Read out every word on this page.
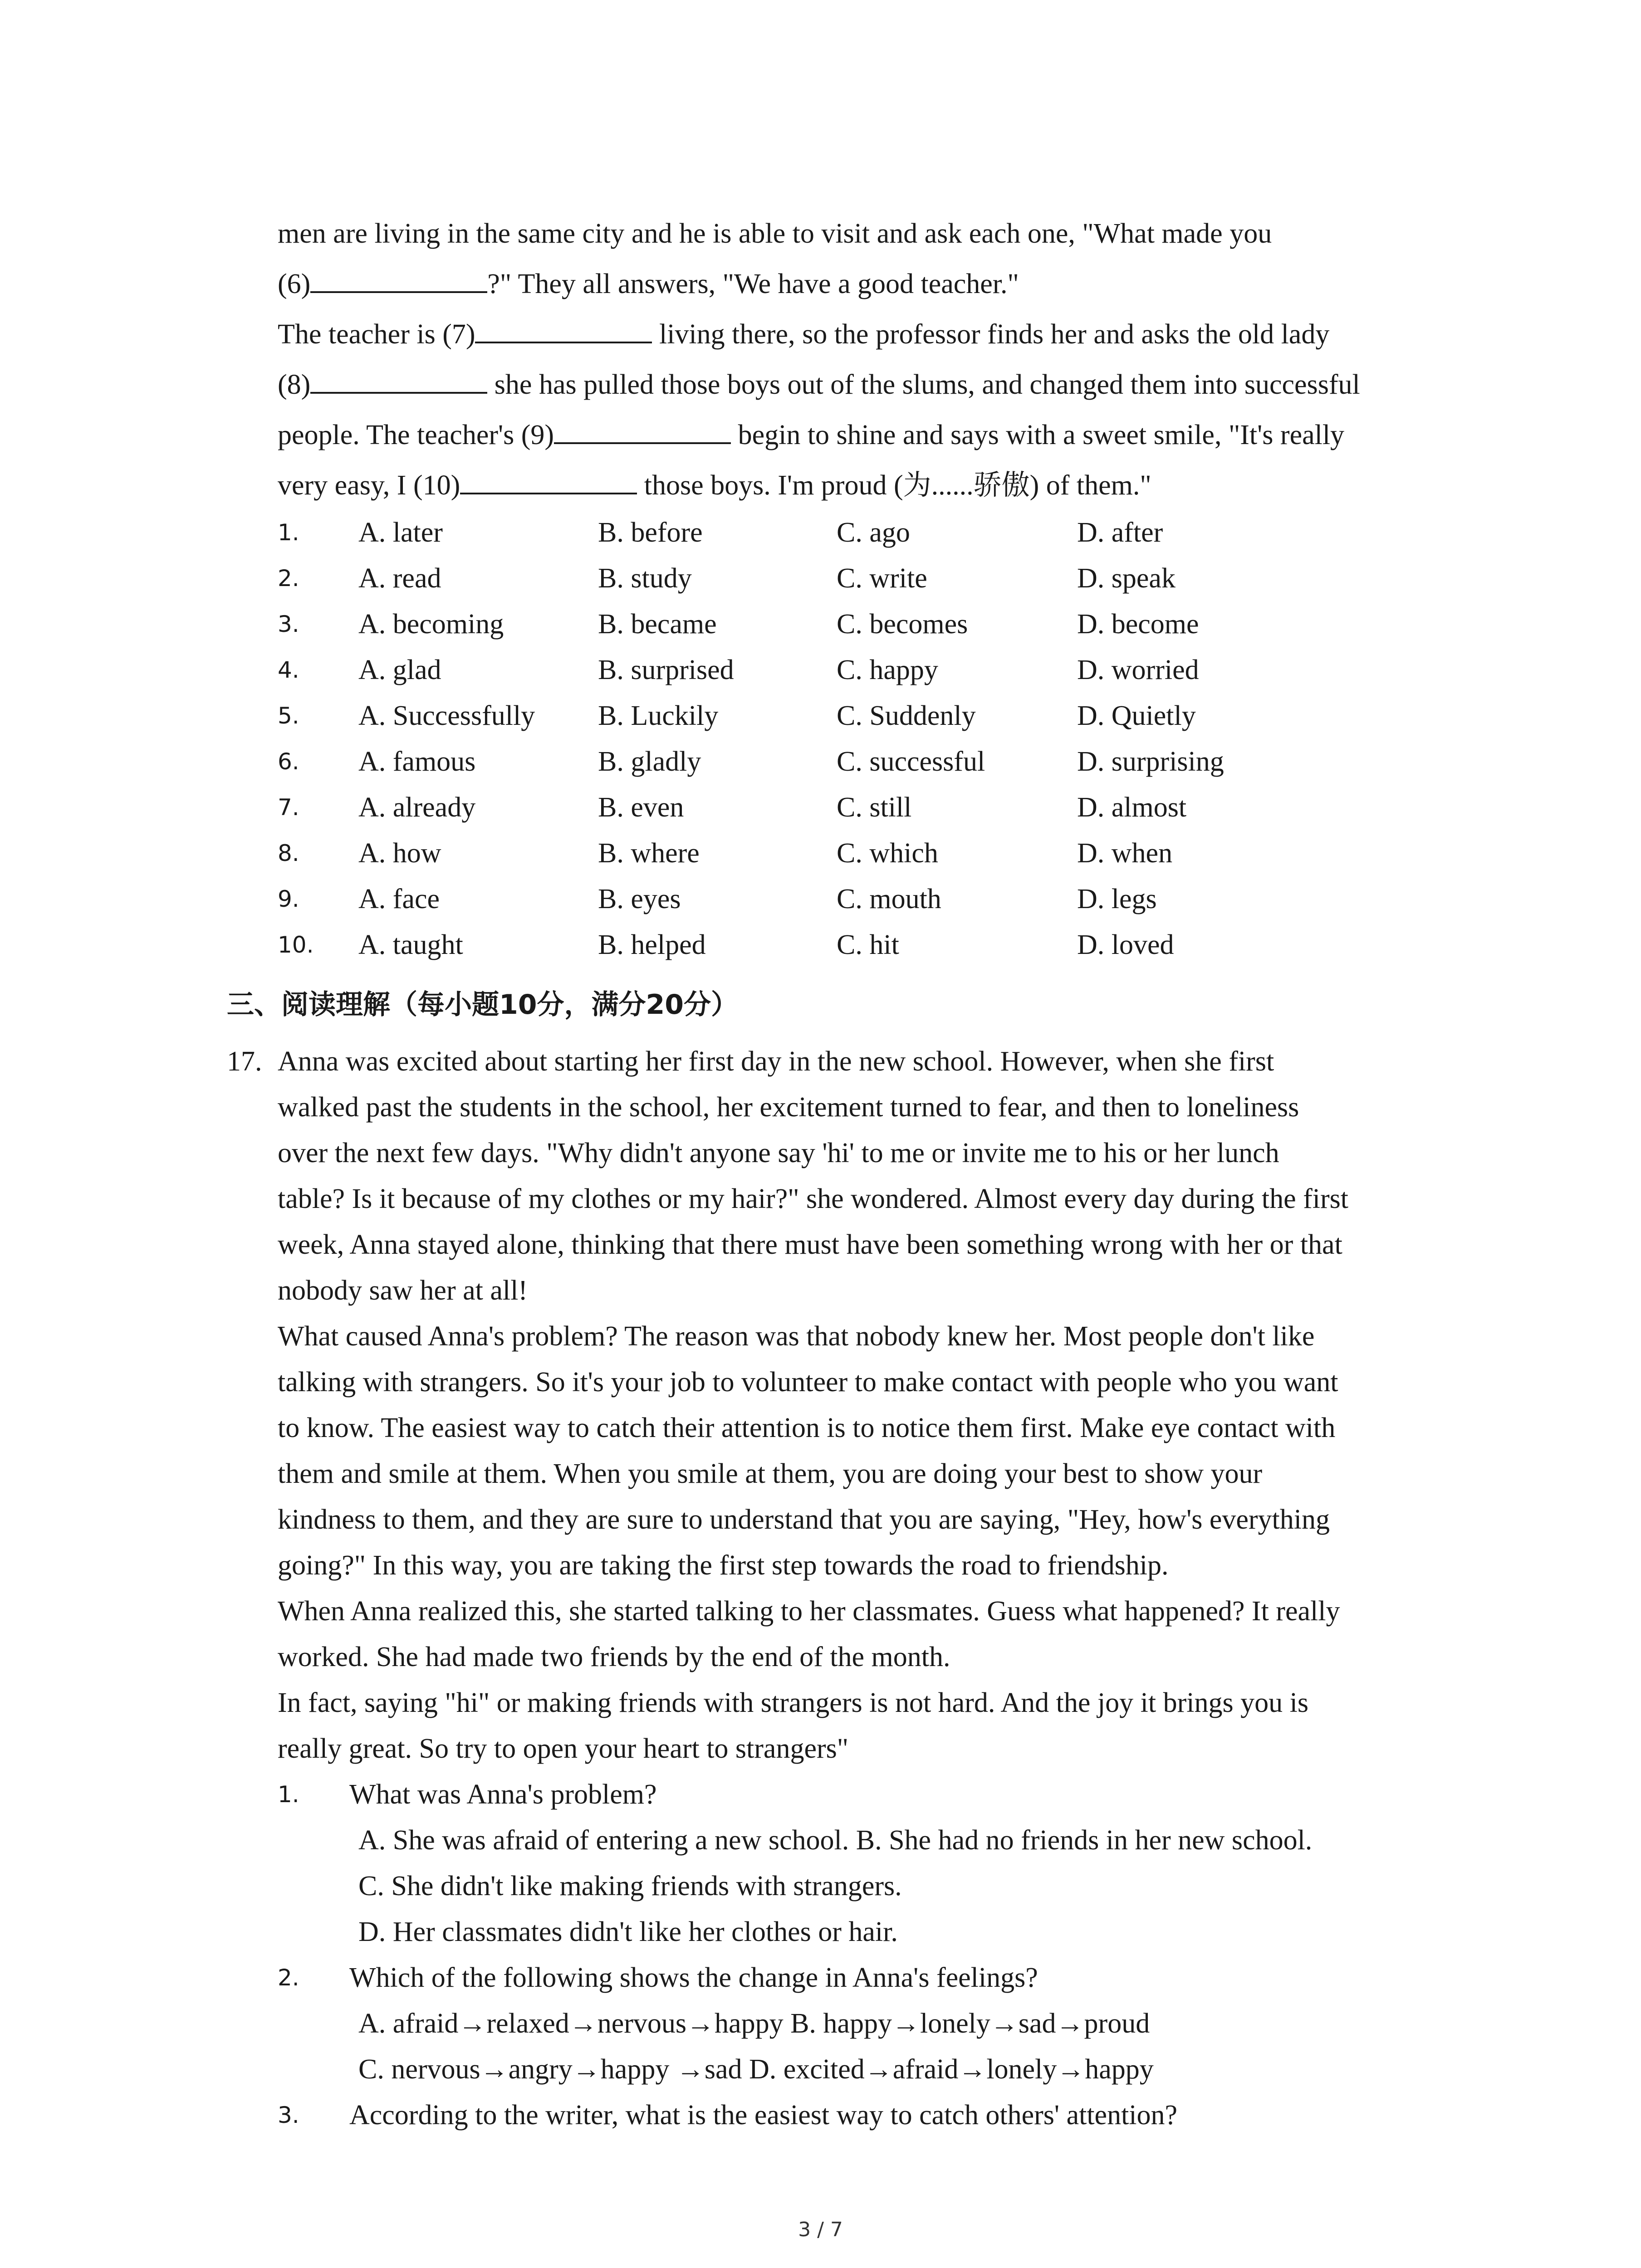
men are living in the same city and he is able to visit and ask each one, "What made you

(6)	?" They all answers, "We have a good teacher."

The teacher is (7)	living there, so the professor finds her and asks the old lady

(8)	she has pulled those boys out of the slums, and changed them into successful

people. The teacher's (9)	begin to shine and says with a sweet smile, "It's really

very easy, I (10)	those boys. I'm proud (为......骄傲) of them."

1. A. later	B. before	C. ago	D. after
2. A. read	B. study	C. write	D. speak
3. A. becoming	B. became	C. becomes	D. become
4. A. glad	B. surprised	C. happy	D. worried
5. A. Successfully B. Luckily	C. Suddenly	D. Quietly
6. A. famous	B. gladly	C. successful	D. surprising
7. A. already	B. even	C. still	D. almost
8. A. how	B. where	C. which	D. when
9. A. face	B. eyes	C. mouth	D. legs
10. A. taught	B. helped	C. hit	D. loved
三、阅读理解（每小题10分，满分20分）
17. Anna was excited about starting her first day in the new school. However, when she first

walked past the students in the school, her excitement turned to fear, and then to loneliness

over the next few days. "Why didn't anyone say 'hi' to me or invite me to his or her lunch

table? Is it because of my clothes or my hair?" she wondered. Almost every day during the first

week, Anna stayed alone, thinking that there must have been something wrong with her or that

nobody saw her at all!

What caused Anna's problem? The reason was that nobody knew her. Most people don't like

talking with strangers. So it's your job to volunteer to make contact with people who you want

to know. The easiest way to catch their attention is to notice them first. Make eye contact with

them and smile at them. When you smile at them, you are doing your best to show your

kindness to them, and they are sure to understand that you are saying, "Hey, how's everything

going?" In this way, you are taking the first step towards the road to friendship.

When Anna realized this, she started talking to her classmates. Guess what happened? It really

worked. She had made two friends by the end of the month.

In fact, saying "hi" or making friends with strangers is not hard. And the joy it brings you is

really great. So try to open your heart to strangers"

1. What was Anna's problem?
A. She was afraid of entering a new school. B. She had no friends in her new school.
C. She didn't like making friends with strangers.
D. Her classmates didn't like her clothes or hair.
2. Which of the following shows the change in Anna's feelings?
A. afraid→relaxed→nervous→happy B. happy→lonely→sad→proud
C. nervous→angry→happy →sad D. excited→afraid→lonely→happy
3. According to the writer, what is the easiest way to catch others' attention?
3 / 7
